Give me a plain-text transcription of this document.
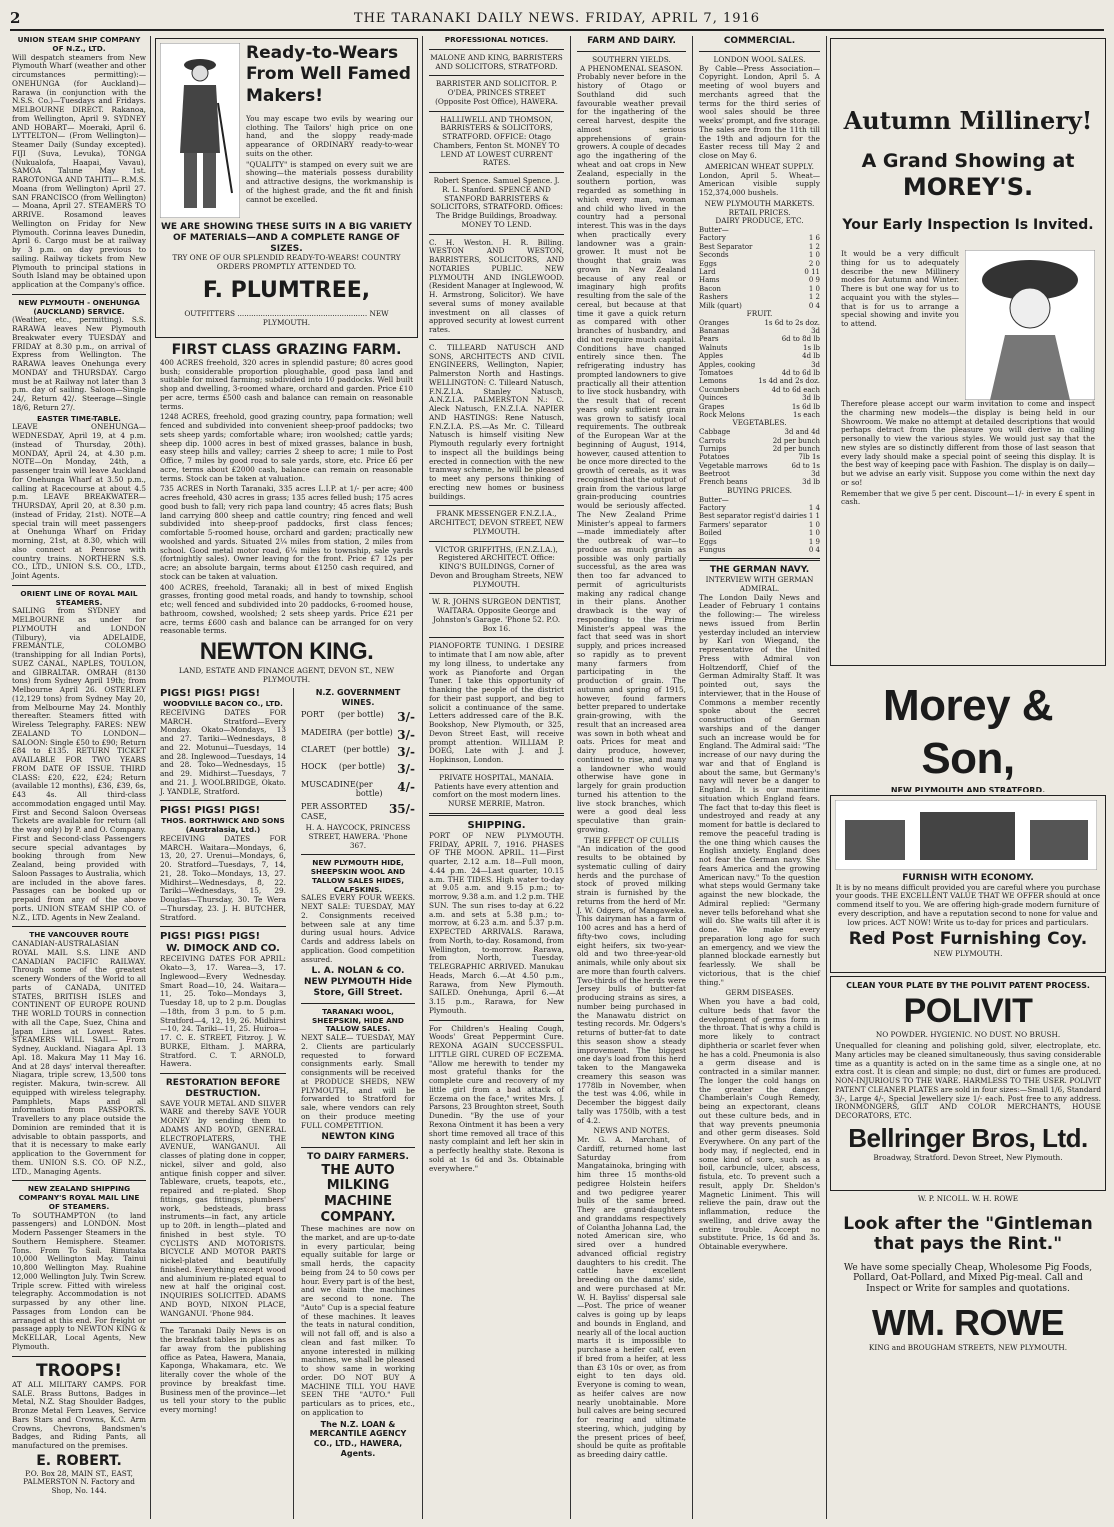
2	THE TARANAKI DAILY NEWS. FRIDAY, APRIL 7, 1916
UNION STEAM SHIP COMPANY OF N.Z., LTD.

Will despatch steamers from New Plymouth Wharf (weather and other circumstances permitting):— ONEHUNGA (for Auckland)— Rarawa (in conjunction with the N.S.S. Co.)—Tuesdays and Fridays. MELBOURNE DIRECT. Rakanoa, from Wellington, April 9. SYDNEY AND HOBART— Moeraki, April 6. LYTTELTON— (From Wellington)— Steamer Daily (Sunday excepted). FIJI (Suva, Levuka), TONGA (Nukualofa, Haapai, Vavau), SAMOA Talune May 1st. RAROTONGA AND TAHITI— R.M.S. Moana (from Wellington) April 27. SAN FRANCISCO (from Wellington)— Moana, April 27. STEAMERS TO ARRIVE. Rosamond leaves Wellington on Friday for New Plymouth. Corinna leaves Dunedin, April 6. Cargo must be at railway by 3 p.m. on day previous to sailing. Railway tickets from New Plymouth to principal stations in South Island may be obtained upon application at the Company's office.

NEW PLYMOUTH - ONEHUNGA (AUCKLAND) SERVICE.

(Weather, etc., permitting). S.S. RARAWA leaves New Plymouth Breakwater every TUESDAY and FRIDAY at 8.30 p.m., on arrival of Express from Wellington. The RARAWA leaves Onehunga every MONDAY and THURSDAY. Cargo must be at Railway not later than 3 p.m. day of sailing. Saloon—Single 24/, Return 42/. Steerage—Single 18/6, Return 27/.

EASTER TIME-TABLE.

LEAVE ONEHUNGA— WEDNESDAY, April 19, at 4 p.m. (instead of Thursday, 20th). MONDAY, April 24, at 4.30 p.m. NOTE—On Monday, 24th, a passenger train will leave Auckland for Onehunga Wharf at 3.50 p.m., calling at Racecourse at about 4.5 p.m. LEAVE BREAKWATER— THURSDAY, April 20, at 8.30 p.m. (instead of Friday, 21st). NOTE—A special train will meet passengers at Onehunga Wharf on Friday morning, 21st, at 8.30, which will also connect at Penrose with country trains. NORTHERN S.S. CO., LTD., UNION S.S. CO., LTD., Joint Agents.

ORIENT LINE OF ROYAL MAIL STEAMERS.

SAILING from SYDNEY and MELBOURNE as under for PLYMOUTH and LONDON (Tilbury), via ADELAIDE, FREMANTLE, COLOMBO (transhipping for all Indian Ports), SUEZ CANAL, NAPLES, TOULON, and GIBRALTAR. OMRAH (8130 tons) from Sydney April 19th; from Melbourne April 26. OSTERLEY (12,129 tons) from Sydney May 20, from Melbourne May 24. Monthly thereafter. Steamers fitted with Wireless Telegraphy. FARES: NEW ZEALAND TO LONDON— SALOON: Single £50 to £90; Return £84 to £135. RETURN TICKET AVAILABLE FOR TWO YEARS FROM DATE OF ISSUE. THIRD CLASS: £20, £22, £24; Return (available 12 months), £36, £39, 6s, £43 4s. All third-class accommodation engaged until May. First and Second Saloon Overseas Tickets are available for return (all the way only) by P. and O. Company. First and Second-class Passengers secure special advantages by booking through from New Zealand, being provided with Saloon Passages to Australia, which are included in the above fares. Passages can be booked up or prepaid from any of the above ports. UNION STEAM SHIP CO. of N.Z., LTD. Agents in New Zealand.

THE VANCOUVER ROUTE

CANADIAN-AUSTRALASIAN ROYAL MAIL S.S. LINE AND CANADIAN PACIFIC RAILWAY. Through some of the greatest scenery Wonders of the World to all parts of CANADA, UNITED STATES, BRITISH ISLES and CONTINENT OF EUROPE ROUND THE WORLD TOURS in connection with all the Cape, Suez, China and Japan Lines at Lowest Rates. STEAMERS WILL SAIL— From Sydney, Auckland. Niagara Apl. 13 Apl. 18. Makura May 11 May 16. And at 28 days' interval thereafter. Niagara, triple screw, 13,500 tons register. Makura, twin-screw. All equipped with wireless telegraphy. Pamphlets, Maps and all information from PASSPORTS. Travellers to any place outside the Dominion are reminded that it is advisable to obtain passports, and that it is necessary to make early application to the Government for them. UNION S.S. CO. OF N.Z., LTD., Managing Agents.

NEW ZEALAND SHIPPING COMPANY'S ROYAL MAIL LINE OF STEAMERS.

To SOUTHAMPTON (to land passengers) and LONDON. Most Modern Passenger Steamers in the Southern Hemisphere. Steamer. Tons. From To Sail. Rimutaka 10,000 Wellington May. Tainui 10,800 Wellington May. Ruahine 12,000 Wellington July. Twin Screw. Triple screw. Fitted with wireless telegraphy. Accommodation is not surpassed by any other line. Passages from London can be arranged at this end. For freight or passage apply to NEWTON KING & McKELLAR, Local Agents, New Plymouth.

TROOPS!

AT ALL MILITARY CAMPS. FOR SALE. Brass Buttons, Badges in Metal, N.Z. Stag Shoulder Badges, Bronze Metal Fern Leaves, Service Bars Stars and Crowns, K.C. Arm Crowns, Chevrons, Bandsmen's Badges, and Riding Pants, all manufactured on the premises.

E. ROBERT.

P.O. Box 28, MAIN ST., EAST, PALMERSTON N. Factory and Shop, No. 144.

Ready-to-Wears From Well Famed Makers!

You may escape two evils by wearing our clothing. The Tailors' high price on one hand, and the sloppy ready-made appearance of ORDINARY ready-to-wear suits on the other.

"QUALITY" is stamped on every suit we are showing—the materials possess durability and attractive designs, the workmanship is of the highest grade, and the fit and finish cannot be excelled.

WE ARE SHOWING THESE SUITS IN A BIG VARIETY OF MATERIALS—AND A COMPLETE RANGE OF SIZES.

TRY ONE OF OUR SPLENDID READY-TO-WEARS! COUNTRY ORDERS PROMPTLY ATTENDED TO.

F. PLUMTREE,

OUTFITTERS ........................................................ NEW PLYMOUTH.

FIRST CLASS GRAZING FARM.

400 ACRES freehold, 320 acres in splendid pasture; 80 acres good bush; considerable proportion ploughable, good pasa land and suitable for mixed farming; subdivided into 10 paddocks. Well built shop and dwelling, 3-roomed whare, orchard and garden. Price £10 per acre, terms £500 cash and balance can remain on reasonable terms.

1248 ACRES, freehold, good grazing country, papa formation; well fenced and subdivided into convenient sheep-proof paddocks; two sets sheep yards; comfortable whare; iron woolshed; cattle yards; sheep dip. 1000 acres in best of mixed grasses, balance in bush, easy steep hills and valley; carries 2 sheep to acre; 1 mile to Post Office, 7 miles by good road to sale yards, store, etc. Price £6 per acre, terms about £2000 cash, balance can remain on reasonable terms. Stock can be taken at valuation.

735 ACRES in North Taranaki, 335 acres L.I.P. at 1/- per acre; 400 acres freehold, 430 acres in grass; 135 acres felled bush; 175 acres good bush to fall; very rich papa land country; 45 acres flats; Bush land carrying 800 sheep and cattle country; ring fenced and well subdivided into sheep-proof paddocks, first class fences; comfortable 5-roomed house, orchard and garden; practically new woolshed and yards. Situated 2¼ miles from station, 2 miles from school. Good metal motor road, 6¼ miles to township, sale yards (fortnightly sales). Owner leaving for the front. Price £7 12s per acre; an absolute bargain, terms about £1250 cash required, and stock can be taken at valuation.

400 ACRES, freehold, Taranaki; all in best of mixed English grasses, fronting good metal roads, and handy to township, school etc; well fenced and subdivided into 20 paddocks, 6-roomed house, bathroom, cowshed, woolshed; 2 sets sheep yards. Price £21 per acre, terms £600 cash and balance can be arranged for on very reasonable terms.

NEWTON KING.

LAND, ESTATE AND FINANCE AGENT, DEVON ST., NEW PLYMOUTH.

PIGS! PIGS! PIGS!
WOODVILLE BACON CO., LTD.

RECEIVING DATES FOR MARCH. Stratford—Every Monday. Okato—Mondays, 13 and 27. Tariki—Wednesdays, 8 and 22. Motunui—Tuesdays, 14 and 28. Inglewood—Tuesdays, 14 and 28. Toko—Wednesdays, 15 and 29. Midhirst—Tuesdays, 7 and 21. J. WOOLBRIDGE, Okato. J. YANDLE, Stratford.

PIGS! PIGS! PIGS!
THOS. BORTHWICK AND SONS (Australasia, Ltd.)

RECEIVING DATES FOR MARCH. Waitara—Mondays, 6, 13, 20, 27. Urenui—Mondays, 6, 20. Stratford—Tuesdays, 7, 14, 21, 28. Toko—Mondays, 13, 27. Midhirst—Wednesdays, 8, 22. Tariki—Wednesdays, 15, 29. Douglas—Thursday, 30. Te Wera—Thursday, 23. J. H. BUTCHER, Stratford.

PIGS! PIGS! PIGS!
W. DIMOCK AND CO.

RECEIVING DATES FOR APRIL: Okato—3, 17. Warea—3, 17. Inglewood—Every Wednesday. Smart Road—10, 24. Waitara—11, 25. Toko—Mondays 3, Tuesday 18, up to 2 p.m. Douglas—18th, from 3 p.m. to 5 p.m. Stratford—4, 12, 19, 26. Midhirst—10, 24. Tariki—11, 25. Huiroa—17. C. E. STREET, Fitzroy. J. W. BURKE, Eltham. J. MARRA, Stratford. C. T. ARNOLD, Hawera.

RESTORATION BEFORE DESTRUCTION.

SAVE YOUR METAL AND SILVER WARE and thereby SAVE YOUR MONEY by sending them to ADAMS AND BOYD, GENERAL ELECTROPLATERS, THE AVENUE, WANGANUI. All classes of plating done in copper, nickel, silver and gold, also antique finish copper and silver. Tableware, cruets, teapots, etc., repaired and re-plated. Shop fittings, gas fittings, plumbers' work, bedsteads, brass instruments—in fact, any article up to 20ft. in length—plated and finished in best style. TO CYCLISTS AND MOTORISTS. BICYCLE AND MOTOR PARTS nickel-plated and beautifully finished. Everything except wood and aluminium re-plated equal to new at half the original cost. INQUIRIES SOLICITED. ADAMS AND BOYD, NIXON PLACE, WANGANUI. 'Phone 984.

The Taranaki Daily News is on the breakfast tables in places as far away from the publishing office as Patea, Hawera, Manaia, Kaponga, Whakamara, etc. We literally cover the whole of the province by breakfast time. Business men of the province—let us tell your story to the public every morning!

N.Z. GOVERNMENT WINES.
PORT (per bottle) 3/-
MADEIRA (per bottle) 3/-
CLARET (per bottle) 3/-
HOCK (per bottle) 3/-
MUSCADINE (per bottle)
4/-
PER ASSORTED CASE,
35/-

H. A. HAYCOCK, PRINCESS STREET, HAWERA. 'Phone 367.

NEW PLYMOUTH HIDE, SHEEPSKIN WOOL AND TALLOW SALES HIDES, CALFSKINS.

SALES EVERY FOUR WEEKS. NEXT SALE: TUESDAY, MAY 2. Consignments received between sale at any time during usual hours. Advice Cards and address labels on application. Good competition assured.

L. A. NOLAN & CO. NEW PLYMOUTH Hide Store, Gill Street.
TARANAKI WOOL, SHEEPSKIN, HIDE AND TALLOW SALES.

NEXT SALE— TUESDAY, MAY 2. Clients are particularly requested to forward consignments early. Small consignments will be received at PRODUCE SHEDS, NEW PLYMOUTH, and will be forwarded to Stratford for sale, where vendors can rely on their produce meeting FULL COMPETITION.

NEWTON KING
TO DAIRY FARMERS.
THE AUTO MILKING MACHINE COMPANY.

These machines are now on the market, and are up-to-date in every particular, being equally suitable for large or small herds, the capacity being from 24 to 50 cows per hour. Every part is of the best, and we claim the machines are second to none. The "Auto" Cup is a special feature of these machines. It leaves the teats in natural condition, will not fall off, and is also a clean and fast milker. To anyone interested in milking machines, we shall be pleased to show same in working order. DO NOT BUY A MACHINE TILL YOU HAVE SEEN THE "AUTO." Full particulars as to prices, etc., on application to

The N.Z. LOAN & MERCANTILE AGENCY CO., LTD., HAWERA, Agents.
PROFESSIONAL NOTICES.

MALONE AND KING, BARRISTERS AND SOLICITORS, STRATFORD.

BARRISTER AND SOLICITOR. P. O'DEA, PRINCES STREET (Opposite Post Office), HAWERA.

HALLIWELL AND THOMSON, BARRISTERS & SOLICITORS, STRATFORD. OFFICE: Otago Chambers, Fenton St. MONEY TO LEND AT LOWEST CURRENT RATES.

Robert Spence. Samuel Spence. J. R. L. Stanford. SPENCE AND STANFORD BARRISTERS & SOLICITORS, STRATFORD. Offices: The Bridge Buildings, Broadway. MONEY TO LEND.

C. H. Weston. H. R. Billing. WESTON AND WESTON, BARRISTERS, SOLICITORS, AND NOTARIES PUBLIC. NEW PLYMOUTH AND INGLEWOOD. (Resident Manager at Inglewood, W. H. Armstrong, Solicitor). We have several sums of money available investment on all classes of approved security at lowest current rates.

C. TILLEARD NATUSCH AND SONS, ARCHITECTS AND CIVIL ENGINEERS, Wellington, Napier, Palmerston North and Hastings. WELLINGTON: C. Tilleard Natusch, F.N.Z.I.A. Stanley Natusch, A.N.Z.I.A. PALMERSTON N.: C. Aleck Natusch, F.N.Z.I.A. NAPIER AND HASTINGS: Rene Natusch, F.N.Z.I.A. P.S.—As Mr. C. Tilleard Natusch is himself visiting New Plymouth regularly every fortnight to inspect all the buildings being erected in connection with the new tramway scheme, he will be pleased to meet any persons thinking of erecting new homes or business buildings.

FRANK MESSENGER F.N.Z.I.A., ARCHITECT, DEVON STREET, NEW PLYMOUTH.

VICTOR GRIFFITHS, (F.N.Z.I.A.), Registered ARCHITECT. Office: KING'S BUILDINGS, Corner of Devon and Brougham Streets, NEW PLYMOUTH.

W. R. JOHNS SURGEON DENTIST, WAITARA. Opposite George and Johnston's Garage. 'Phone 52. P.O. Box 16.

PIANOFORTE TUNING. I DESIRE to intimate that I am now able, after my long illness, to undertake any work as Pianoforte and Organ Tuner. I take this opportunity of thanking the people of the district for their past support, and beg to solicit a continuance of the same. Letters addressed care of the B.K. Bookshop, New Plymouth, or 325, Devon Street East, will receive prompt attention. WILLIAM P. DOEG, Late with J. and J. Hopkinson, London.

PRIVATE HOSPITAL, MANAIA. Patients have every attention and comfort on the most modern lines. NURSE MERRIE, Matron.

SHIPPING.

PORT OF NEW PLYMOUTH. FRIDAY, APRIL 7, 1916. PHASES OF THE MOON. APRIL. 11—First quarter, 2.12 a.m. 18—Full moon, 4.44 p.m. 24—Last quarter, 10.15 a.m. THE TIDES. High water to-day at 9.05 a.m. and 9.15 p.m.; to-morrow, 9.38 a.m. and 1.2 p.m. THE SUN. The sun rises to-day at 6.22 a.m. and sets at 5.38 p.m.; to-morrow, at 6.23 a.m. and 5.37 p.m. EXPECTED ARRIVALS. Rarawa, from North, to-day. Rosamond, from Wellington, to-morrow. Rarawa, from North, Tuesday. TELEGRAPHIC ARRIVED. Manukau Heads, March 6.—At 4.50 p.m., Rarawa, from New Plymouth. SAILED. Onehunga, April 6.—At 3.15 p.m., Rarawa, for New Plymouth.

For Children's Healing Cough, Woods' Great Peppermint Cure. REXONA AGAIN SUCCESSFUL. LITTLE GIRL CURED OF ECZEMA. "Allow me herewith to tender my most grateful thanks for the complete cure and recovery of my little girl from a bad attack of Eczema on the face," writes Mrs. J. Parsons, 23 Broughton street, South Dunedin. "By the use of your Rexona Ointment it has been a very short time removed all trace of this nasty complaint and left her skin in a perfectly healthy state. Rexona is sold at 1s 6d and 3s. Obtainable everywhere."

FARM AND DAIRY.
SOUTHERN YIELDS.
A PHENOMENAL SEASON.

Probably never before in the history of Otago or Southland did such favourable weather prevail for the ingathering of the cereal harvest, despite the almost serious apprehensions of grain-growers. A couple of decades ago the ingathering of the wheat and oat crops in New Zealand, especially in the southern portion, was regarded as something in which every man, woman and child who lived in the country had a personal interest. This was in the days when practically every landowner was a grain-grower. It must not be thought that grain was grown in New Zealand because of any real or imaginary high profits resulting from the sale of the cereal, but because at that time it gave a quick return as compared with other branches of husbandry, and did not require much capital. Conditions have changed entirely since then. The refrigerating industry has prompted landowners to give practically all their attention to live stock husbandry, with the result that of recent years only sufficient grain was grown to satisfy local requirements. The outbreak of the European War at the beginning of August, 1914, however, caused attention to be once more directed to the growth of cereals, as it was recognised that the output of grain from the various large grain-producing countries would be seriously affected. The New Zealand Prime Minister's appeal to farmers—made immediately after the outbreak of war—to produce as much grain as possible was only partially successful, as the area was then too far advanced to permit of agriculturists making any radical change in their plans. Another drawback is the way of responding to the Prime Minister's appeal was the fact that seed was in short supply, and prices increased so rapidly as to prevent many farmers from participating in the production of grain. The autumn and spring of 1915, however, found farmers better prepared to undertake grain-growing, with the result that an increased area was sown in both wheat and oats. Prices for meat and dairy produce, however, continued to rise, and many a landowner who would otherwise have gone in largely for grain production turned his attention to the live stock branches, which were a good deal less speculative than grain-growing.

THE EFFECT OF CULLIS

"An indication of the good results to be obtained by systematic culling of dairy herds and the purchase of stock of proved milking strain is furnished by the returns from the herd of Mr. J. W. Odgers, of Mangaweka. This dairyman has a farm of 100 acres and has a herd of fifty-two cows, including eight heifers, six two-year-old and two three-year-old animals, while only about six are more than fourth calvers. Two-thirds of the herds were Jersey bulls of butter-fat producing strains as sires, a number being purchased in the Manawatu district on testing records. Mr. Odgers's returns of butter-fat to date this season show a steady improvement. The biggest one day's load from this herd taken to the Mangaweka creamery this season was 1778lb in November, when the test was 4.06, while in December the biggest daily tally was 1750lb, with a test of 4.2.

NEWS AND NOTES.

Mr. G. A. Marchant, of Cardiff, returned home last Saturday from Mangatainoka, bringing with him three 15 months-old pedigree Holstein heifers and two pedigree yearer bulls of the same breed. They are grand-daughters and granddams respectively of Colantha Johanna Lad, the noted American sire, who sired over a hundred advanced official registry daughters to his credit. The cattle have excellent breeding on the dams' side, and were purchased at Mr. W. H. Bayliss' dispersal sale—Post. The price of weaner calves is going up by leaps and bounds in England, and nearly all of the local auction marts it is impossible to purchase a heifer calf, even if bred from a heifer, at less than £3 10s or over, as from eight to ten days old. Everyone is coming to wean, as heifer calves are now nearly unobtainable. More bull calves are being secured for rearing and ultimate steering, which, judging by the present prices of beef, should be quite as profitable as breeding dairy cattle.

COMMERCIAL.
LONDON WOOL SALES.

By Cable—Press Association—Copyright. London, April 5. A meeting of wool buyers and merchants agreed that the terms for the third series of wool sales should be three weeks' prompt, and five storage. The sales are from the 11th till the 19th and adjourn for the Easter recess till May 2 and close on May 6.

AMERICAN WHEAT SUPPLY.

London, April 5. Wheat—American visible supply 152,374,000 bushels.

NEW PLYMOUTH MARKETS.
RETAIL PRICES.
DAIRY PRODUCE, ETC.
Butter—
Factory	1 6
Best Separator	1 2
Seconds	1 0
Eggs	2 0
Lard	0 11
Hams	0 9
Bacon	1 0
Rashers	1 2
Milk (quart)	0 4
FRUIT.
Oranges	1s 6d to 2s doz.
Bananas	3d
Pears	6d to 8d lb
Walnuts	1s lb
Apples	4d lb
Apples, cooking	3d
Tomatoes	4d to 6d lb
Lemons	1s 4d and 2s doz.
Cucumbers	4d to 6d each
Quinces	3d lb
Grapes	1s 6d lb
Rock Melons	1s each
VEGETABLES.
Cabbage	3d and 4d
Carrots	2d per bunch
Turnips	2d per bunch
Potatoes	7lb 1s
Vegetable marrows	6d to 1s
Beetroot	3d
French beans	3d lb
BUYING PRICES.
Butter—
Factory	1 4
Best separator regist'd dairies 1 1
Farmers' separator	1 0
Boiled	1 0
Eggs	1 9
Fungus	0 4
THE GERMAN NAVY.
INTERVIEW WITH GERMAN ADMIRAL.

The London Daily News and Leader of February 1 contains the following:— The wireless news issued from Berlin yesterday included an interview by Karl von Wiegand, the representative of the United Press with Admiral von Holtzendorff, Chief of the German Admiralty Staff. It was pointed out, says the interviewer, that in the House of Commons a member recently spoke about the secret construction of German warships and of the danger such an increase would be for England. The Admiral said: "The increase of our navy during the war and that of England is about the same, but Germany's navy will never be a danger to England. It is our maritime situation which England fears. The fact that to-day this fleet is undestroyed and ready at any moment for battle is declared to remove the peaceful trading is the one thing which causes the English anxiety. England does not fear the German navy. She fears America and the growing American navy." To the question what steps would Germany take against the new blockade, the Admiral replied: "Germany never tells beforehand what she will do. She waits till after it is done. We make every preparation long ago for such an emergency, and we view the planned blockade earnestly but fearlessly. We shall be victorious, that is the chief thing."

GERM DISEASES.

When you have a bad cold, culture beds that favor the development of germs form in the throat. That is why a child is more likely to contract diphtheria or scarlet fever when he has a cold. Pneumonia is also a germ disease and is contracted in a similar manner. The longer the cold hangs on the greater the danger. Chamberlain's Cough Remedy, being an expectorant, cleans out these culture beds, and in that way prevents pneumonia and other germ diseases. Sold Everywhere. On any part of the body may, if neglected, end in some kind of sore, such as a boil, carbuncle, ulcer, abscess, fistula, etc. To prevent such a result, apply Dr. Sheldon's Magnetic Liniment. This will relieve the pain, draw out the inflammation, reduce the swelling, and drive away the entire trouble. Accept no substitute. Price, 1s 6d and 3s. Obtainable everywhere.

Autumn Millinery!
A Grand Showing at
MOREY'S.
Your Early Inspection Is Invited.

It would be a very difficult thing for us to adequately describe the new Millinery modes for Autumn and Winter. There is but one way for us to acquaint you with the styles—that is for us to arrange a special showing and invite you to attend.

Therefore please accept our warm invitation to come and inspect the charming new models—the display is being held in our Showroom. We make no attempt at detailed descriptions that would perhaps detract from the pleasure you will derive in calling personally to view the various styles. We would just say that the new styles are so distinctly different from those of last season that every lady should make a special point of seeing this display. It is the best way of keeping pace with Fashion. The display is on daily—but we advise an early visit. Suppose you come within the next day or so!

Remember that we give 5 per cent. Discount—1/- in every £ spent in cash.

Morey & Son,
NEW PLYMOUTH AND STRATFORD.
FURNISH WITH ECONOMY.

It is by no means difficult provided you are careful where you purchase your goods. THE EXCELLENT VALUE THAT WE OFFER should at once commend itself to you. We are offering high-grade modern furniture of every description, and have a reputation second to none for value and low prices. ACT NOW! Write us to-day for prices and particulars.

Red Post Furnishing Coy.
NEW PLYMOUTH.
CLEAN YOUR PLATE BY THE POLIVIT PATENT PROCESS.
POLIVIT

NO POWDER. HYGIENIC. NO DUST. NO BRUSH.

Unequalled for cleaning and polishing gold, silver, electroplate, etc. Many articles may be cleaned simultaneously, thus saving considerable time as a quantity is acted on in the same time as a single one, at no extra cost. It is clean and simple; no dust, dirt or fumes are produced. NON-INJURIOUS TO THE WARE. HARMLESS TO THE USER. POLIVIT PATENT CLEANER PLATES are sold in four sizes:—Small 1/6, Standard 3/-, Large 4/-, Special Jewellery size 1/- each. Post free to any address. IRONMONGERS, GILT AND COLOR MERCHANTS, HOUSE DECORATORS, ETC.

Bellringer Bros, Ltd.

Broadway, Stratford. Devon Street, New Plymouth.

W. P. NICOLL. W. H. ROWE

Look after the "Gintleman that pays the Rint."

We have some specially Cheap, Wholesome Pig Foods, Pollard, Oat-Pollard, and Mixed Pig-meal. Call and Inspect or Write for samples and quotations.

WM. ROWE

KING and BROUGHAM STREETS, NEW PLYMOUTH.
